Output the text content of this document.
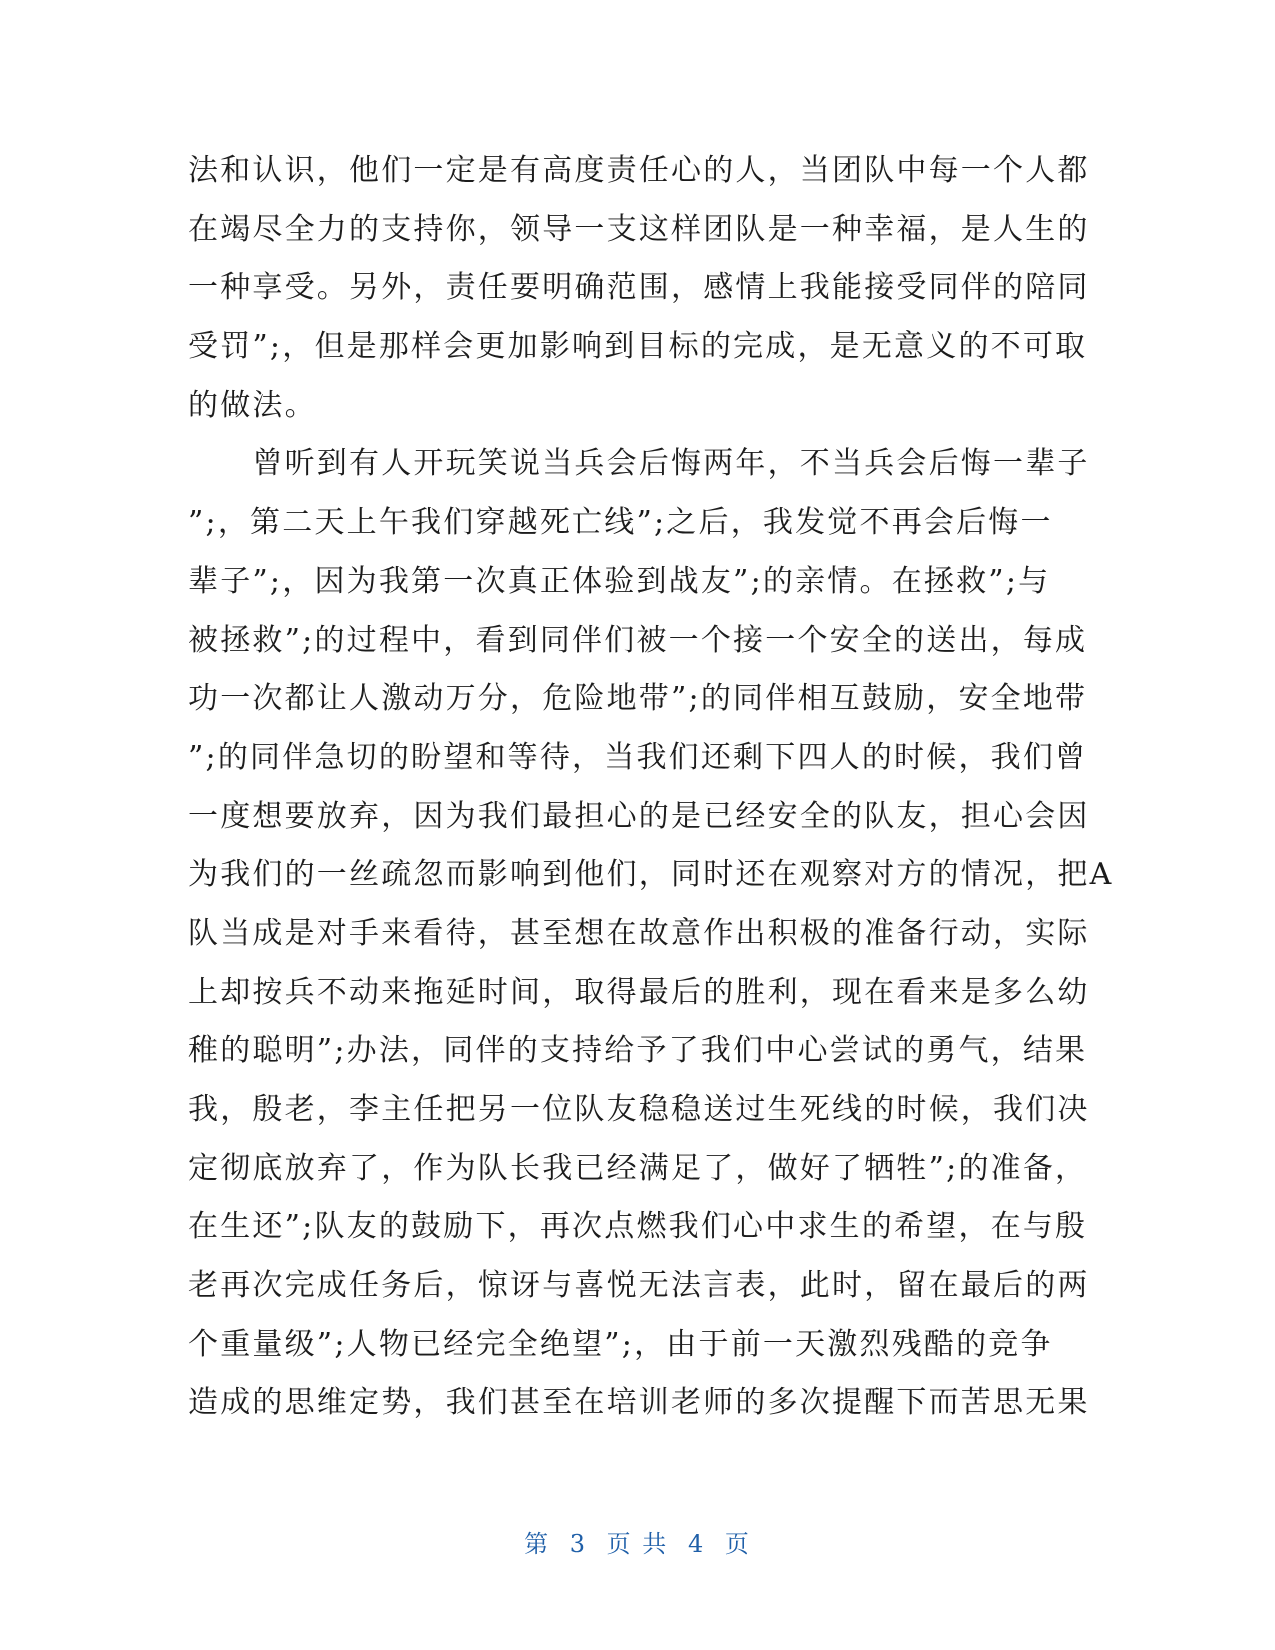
法和认识，他们一定是有高度责任心的人，当团队中每一个人都
在竭尽全力的支持你，领导一支这样团队是一种幸福，是人生的
一种享受。另外，责任要明确范围，感情上我能接受同伴的陪同
受罚”;，但是那样会更加影响到目标的完成，是无意义的不可取
的做法。
　　曾听到有人开玩笑说当兵会后悔两年，不当兵会后悔一辈子
”;，第二天上午我们穿越死亡线”;之后，我发觉不再会后悔一
辈子”;，因为我第一次真正体验到战友”;的亲情。在拯救”;与
被拯救”;的过程中，看到同伴们被一个接一个安全的送出，每成
功一次都让人激动万分，危险地带”;的同伴相互鼓励，安全地带
”;的同伴急切的盼望和等待，当我们还剩下四人的时候，我们曾
一度想要放弃，因为我们最担心的是已经安全的队友，担心会因
为我们的一丝疏忽而影响到他们，同时还在观察对方的情况，把A
队当成是对手来看待，甚至想在故意作出积极的准备行动，实际
上却按兵不动来拖延时间，取得最后的胜利，现在看来是多么幼
稚的聪明”;办法，同伴的支持给予了我们中心尝试的勇气，结果
我，殷老，李主任把另一位队友稳稳送过生死线的时候，我们决
定彻底放弃了，作为队长我已经满足了，做好了牺牲”;的准备，
在生还”;队友的鼓励下，再次点燃我们心中求生的希望，在与殷
老再次完成任务后，惊讶与喜悦无法言表，此时，留在最后的两
个重量级”;人物已经完全绝望”;，由于前一天激烈残酷的竞争
造成的思维定势，我们甚至在培训老师的多次提醒下而苦思无果
第 3 页 共 4 页
